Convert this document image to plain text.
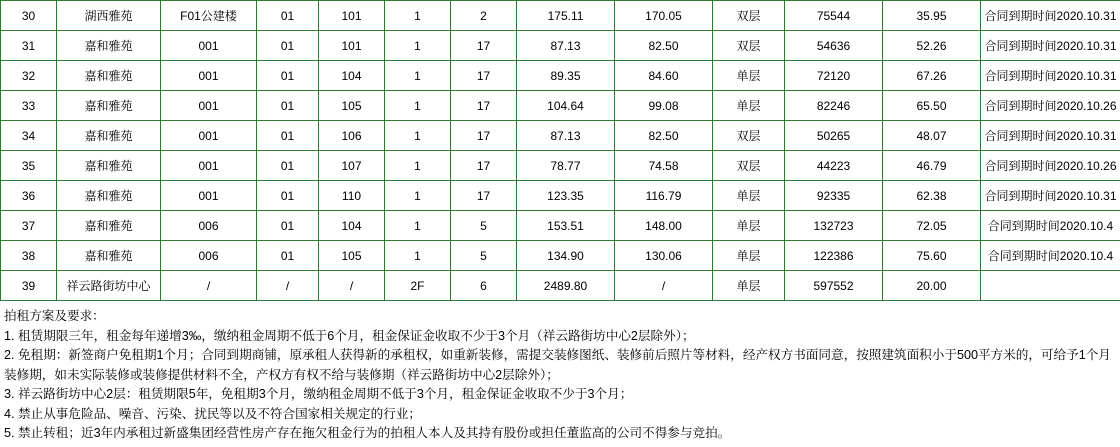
30	湖西雅苑	F01公建楼	01	101	1	2	175.11	170.05	双层	75544	35.95	合同到期时间2020.10.31
31	嘉和雅苑	001	01	101	1	17	87.13	82.50	双层	54636	52.26	合同到期时间2020.10.31
32	嘉和雅苑	001	01	104	1	17	89.35	84.60	单层	72120	67.26	合同到期时间2020.10.31
33	嘉和雅苑	001	01	105	1	17	104.64	99.08	单层	82246	65.50	合同到期时间2020.10.26
34	嘉和雅苑	001	01	106	1	17	87.13	82.50	双层	50265	48.07	合同到期时间2020.10.31
35	嘉和雅苑	001	01	107	1	17	78.77	74.58	双层	44223	46.79	合同到期时间2020.10.26
36	嘉和雅苑	001	01	110	1	17	123.35	116.79	单层	92335	62.38	合同到期时间2020.10.31
37	嘉和雅苑	006	01	104	1	5	153.51	148.00	单层	132723	72.05	合同到期时间2020.10.4
38	嘉和雅苑	006	01	105	1	5	134.90	130.06	单层	122386	75.60	合同到期时间2020.10.4
39	祥云路街坊中心	/	/	/	2F	6	2489.80	/	单层	597552	20.00	
拍租方案及要求：
1. 租赁期限三年，租金每年递增3‰，缴纳租金周期不低于6个月，租金保证金收取不少于3个月（祥云路街坊中心2层除外）；
2. 免租期：新签商户免租期1个月；合同到期商铺，原承租人获得新的承租权，如重新装修，需提交装修图纸、装修前后照片等材料，经产权方书面同意，按照建筑面积小于500平方米的，可给予1个月装修期，如未实际装修或装修提供材料不全，产权方有权不给与装修期（祥云路街坊中心2层除外）；
3. 祥云路街坊中心2层：租赁期限5年，免租期3个月，缴纳租金周期不低于3个月，租金保证金收取不少于3个月；
4. 禁止从事危险品、噪音、污染、扰民等以及不符合国家相关规定的行业；
5. 禁止转租；近3年内承租过新盛集团经营性房产存在拖欠租金行为的拍租人本人及其持有股份或担任董监高的公司不得参与竞拍。
